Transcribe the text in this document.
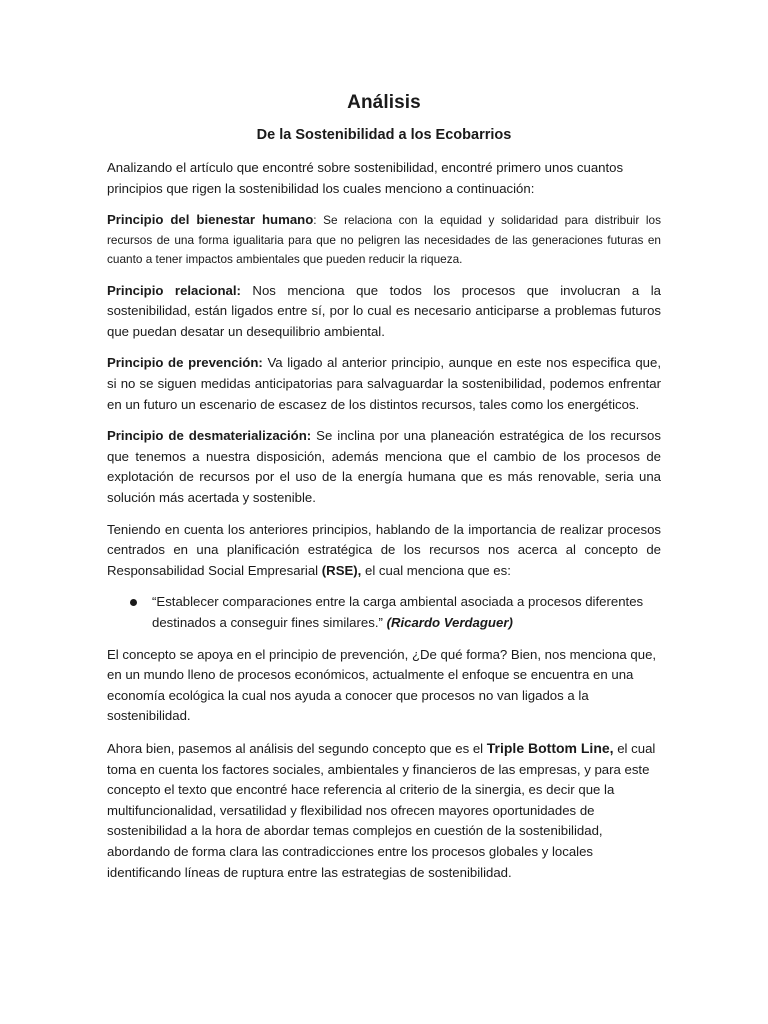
Análisis
De la Sostenibilidad a los Ecobarrios

Analizando el artículo que encontré sobre sostenibilidad, encontré primero unos cuantos principios que rigen la sostenibilidad los cuales menciono a continuación:

Principio del bienestar humano: Se relaciona con la equidad y solidaridad para distribuir los recursos de una forma igualitaria para que no peligren las necesidades de las generaciones futuras en cuanto a tener impactos ambientales que pueden reducir la riqueza.

Principio relacional: Nos menciona que todos los procesos que involucran a la sostenibilidad, están ligados entre sí, por lo cual es necesario anticiparse a problemas futuros que puedan desatar un desequilibrio ambiental.

Principio de prevención: Va ligado al anterior principio, aunque en este nos especifica que, si no se siguen medidas anticipatorias para salvaguardar la sostenibilidad, podemos enfrentar en un futuro un escenario de escasez de los distintos recursos, tales como los energéticos.

Principio de desmaterialización: Se inclina por una planeación estratégica de los recursos que tenemos a nuestra disposición, además menciona que el cambio de los procesos de explotación de recursos por el uso de la energía humana que es más renovable, seria una solución más acertada y sostenible.

Teniendo en cuenta los anteriores principios, hablando de la importancia de realizar procesos centrados en una planificación estratégica de los recursos nos acerca al concepto de Responsabilidad Social Empresarial (RSE), el cual menciona que es:

“Establecer comparaciones entre la carga ambiental asociada a procesos diferentes destinados a conseguir fines similares.” (Ricardo Verdaguer)

El concepto se apoya en el principio de prevención, ¿De qué forma? Bien, nos menciona que, en un mundo lleno de procesos económicos, actualmente el enfoque se encuentra en una economía ecológica la cual nos ayuda a conocer que procesos no van ligados a la sostenibilidad.

Ahora bien, pasemos al análisis del segundo concepto que es el Triple Bottom Line, el cual toma en cuenta los factores sociales, ambientales y financieros de las empresas, y para este concepto el texto que encontré hace referencia al criterio de la sinergia, es decir que la multifuncionalidad, versatilidad y flexibilidad nos ofrecen mayores oportunidades de sostenibilidad a la hora de abordar temas complejos en cuestión de la sostenibilidad, abordando de forma clara las contradicciones entre los procesos globales y locales identificando líneas de ruptura entre las estrategias de sostenibilidad.
